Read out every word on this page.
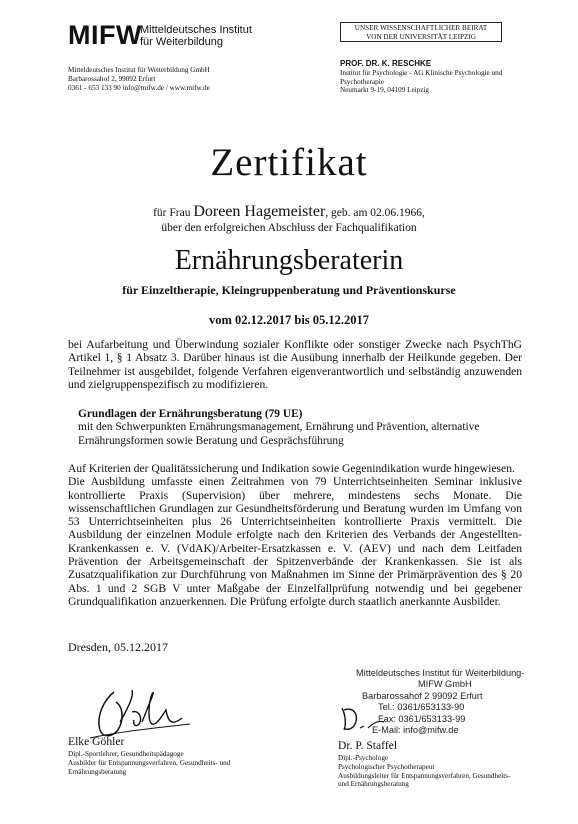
MIFW
Mitteldeutsches Institut
für Weiterbildung
Mitteldeutsches Institut für Weiterbildung GmbH
Barbarossahof 2, 99092 Erfurt
0361 - 653 133 90 info@mifw.de / www.mifw.de
UNSER WISSENSCHAFTLICHER BEIRAT
VON DER UNIVERSITÄT LEIPZIG
PROF. DR. K. RESCHKE
Institut für Psychologie - AG Klinische Psychologie und
Psychotherapie
Neumarkt 9-19, 04109 Leipzig
Zertifikat
für Frau Doreen Hagemeister, geb. am 02.06.1966,
über den erfolgreichen Abschluss der Fachqualifikation
Ernährungsberaterin
für Einzeltherapie, Kleingruppenberatung und Präventionskurse
vom 02.12.2017 bis 05.12.2017
bei Aufarbeitung und Überwindung sozialer Konflikte oder sonstiger Zwecke nach PsychThG Artikel 1, § 1 Absatz 3. Darüber hinaus ist die Ausübung innerhalb der Heilkunde gegeben. Der Teilnehmer ist ausgebildet, folgende Verfahren eigenverantwortlich und selbständig anzuwenden und zielgruppenspezifisch zu modifizieren.
Grundlagen der Ernährungsberatung (79 UE)
mit den Schwerpunkten Ernährungsmanagement, Ernährung und Prävention, alternative Ernährungsformen sowie Beratung und Gesprächsführung
Auf Kriterien der Qualitätssicherung und Indikation sowie Gegenindikation wurde hingewiesen.
Die Ausbildung umfasste einen Zeitrahmen von 79 Unterrichtseinheiten Seminar inklusive kontrollierte Praxis (Supervision) über mehrere, mindestens sechs Monate. Die wissenschaftlichen Grundlagen zur Gesundheitsförderung und Beratung wurden im Umfang von 53 Unterrichtseinheiten plus 26 Unterrichtseinheiten kontrollierte Praxis vermittelt. Die Ausbildung der einzelnen Module erfolgte nach den Kriterien des Verbands der Angestellten-Krankenkassen e. V. (VdAK)/Arbeiter-Ersatzkassen e. V. (AEV) und nach dem Leitfaden Prävention der Arbeitsgemeinschaft der Spitzenverbände der Krankenkassen. Sie ist als Zusatzqualifikation zur Durchführung von Maßnahmen im Sinne der Primärprävention des § 20 Abs. 1 und 2 SGB V unter Maßgabe der Einzelfallprüfung notwendig und bei gegebener Grundqualifikation anzuerkennen. Die Prüfung erfolgte durch staatlich anerkannte Ausbilder.
Dresden, 05.12.2017
Mitteldeutsches Institut für Weiterbildung-
MIFW GmbH
Barbarossahof 2 99092 Erfurt
Tel.: 0361/653133-90
Fax: 0361/653133-99
E-Mail: info@mifw.de
Elke Göhler
Dipl.-Sportlehrer, Gesundheitspädagoge
Ausbilder für Entspannungsverfahren, Gesundheits- und
Ernährungsberatung
Dr. P. Staffel
Dipl.-Psychologe
Psychologischer Psychotherapeut
Ausbildungsleiter für Entspannungsverfahren, Gesundheits-
und Ernährungsberatung
